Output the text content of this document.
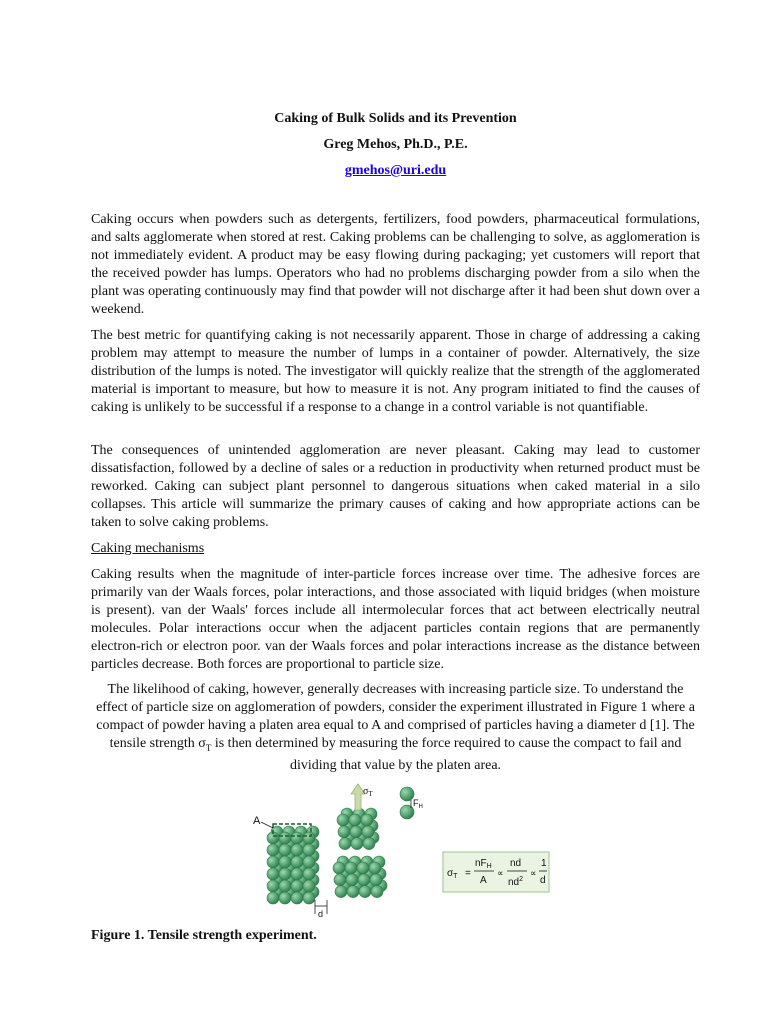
Caking of Bulk Solids and its Prevention
Greg Mehos, Ph.D., P.E.
gmehos@uri.edu

Caking occurs when powders such as detergents, fertilizers, food powders, pharmaceutical formulations, and salts agglomerate when stored at rest. Caking problems can be challenging to solve, as agglomeration is not immediately evident. A product may be easy flowing during packaging; yet customers will report that the received powder has lumps. Operators who had no problems discharging powder from a silo when the plant was operating continuously may find that powder will not discharge after it had been shut down over a weekend.

The best metric for quantifying caking is not necessarily apparent. Those in charge of addressing a caking problem may attempt to measure the number of lumps in a container of powder. Alternatively, the size distribution of the lumps is noted. The investigator will quickly realize that the strength of the agglomerated material is important to measure, but how to measure it is not. Any program initiated to find the causes of caking is unlikely to be successful if a response to a change in a control variable is not quantifiable.

The consequences of unintended agglomeration are never pleasant. Caking may lead to customer dissatisfaction, followed by a decline of sales or a reduction in productivity when returned product must be reworked. Caking can subject plant personnel to dangerous situations when caked material in a silo collapses. This article will summarize the primary causes of caking and how appropriate actions can be taken to solve caking problems.

Caking mechanisms

Caking results when the magnitude of inter-particle forces increase over time. The adhesive forces are primarily van der Waals forces, polar interactions, and those associated with liquid bridges (when moisture is present). van der Waals' forces include all intermolecular forces that act between electrically neutral molecules. Polar interactions occur when the adjacent particles contain regions that are permanently electron-rich or electron poor. van der Waals forces and polar interactions increase as the distance between particles decrease. Both forces are proportional to particle size.

The likelihood of caking, however, generally decreases with increasing particle size. To understand the effect of particle size on agglomeration of powders, consider the experiment illustrated in Figure 1 where a compact of powder having a platen area equal to A and comprised of particles having a diameter d [1]. The tensile strength $\sigma_T$ is then determined by measuring the force required to cause the compact to fail and dividing that value by the platen area.

A
$\sigma_T$
$F_H$
d
$\sigma_T$ =
$nF_H$
A
∝
nd
$nd^2$
∝
1
d
Figure 1. Tensile strength experiment.
